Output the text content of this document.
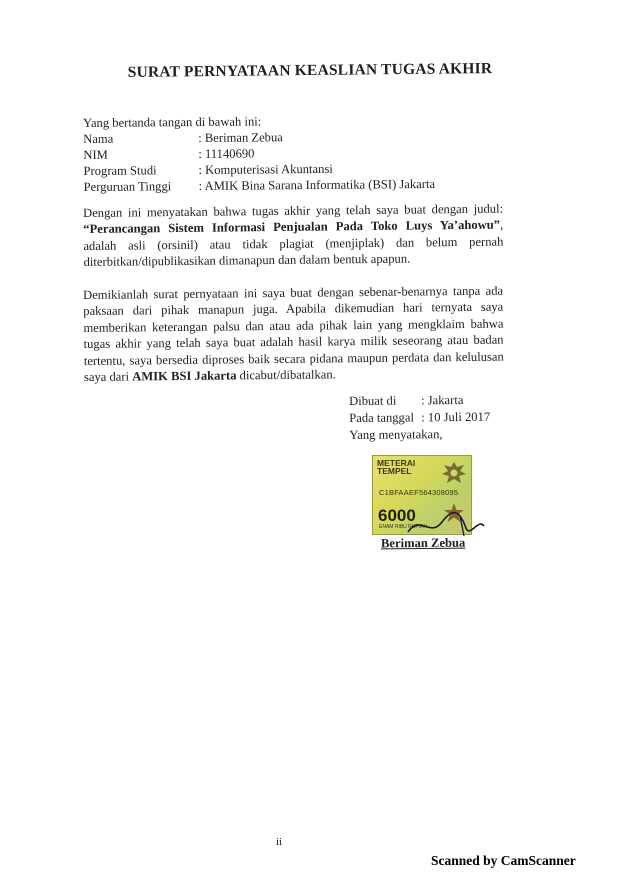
SURAT PERNYATAAN KEASLIAN TUGAS AKHIR
Yang bertanda tangan di bawah ini:
Nama	: Beriman Zebua
NIM	: 11140690
Program Studi	: Komputerisasi Akuntansi
Perguruan Tinggi	: AMIK Bina Sarana Informatika (BSI) Jakarta
Dengan ini menyatakan bahwa tugas akhir yang telah saya buat dengan judul: “Perancangan Sistem Informasi Penjualan Pada Toko Luys Ya’ahowu”, adalah asli (orsinil) atau tidak plagiat (menjiplak) dan belum pernah diterbitkan/dipublikasikan dimanapun dan dalam bentuk apapun.
Demikianlah surat pernyataan ini saya buat dengan sebenar-benarnya tanpa ada paksaan dari pihak manapun juga. Apabila dikemudian hari ternyata saya memberikan keterangan palsu dan atau ada pihak lain yang mengklaim bahwa tugas akhir yang telah saya buat adalah hasil karya milik seseorang atau badan tertentu, saya bersedia diproses baik secara pidana maupun perdata dan kelulusan saya dari AMIK BSI Jakarta dicabut/dibatalkan.
Dibuat di	: Jakarta
Pada tanggal : 10 Juli 2017
Yang menyatakan,
METERAI TEMPEL
C1BFAAEF564308095
6000
ENAM RIBU RUPIAH
Beriman Zebua
ii
Scanned by CamScanner
